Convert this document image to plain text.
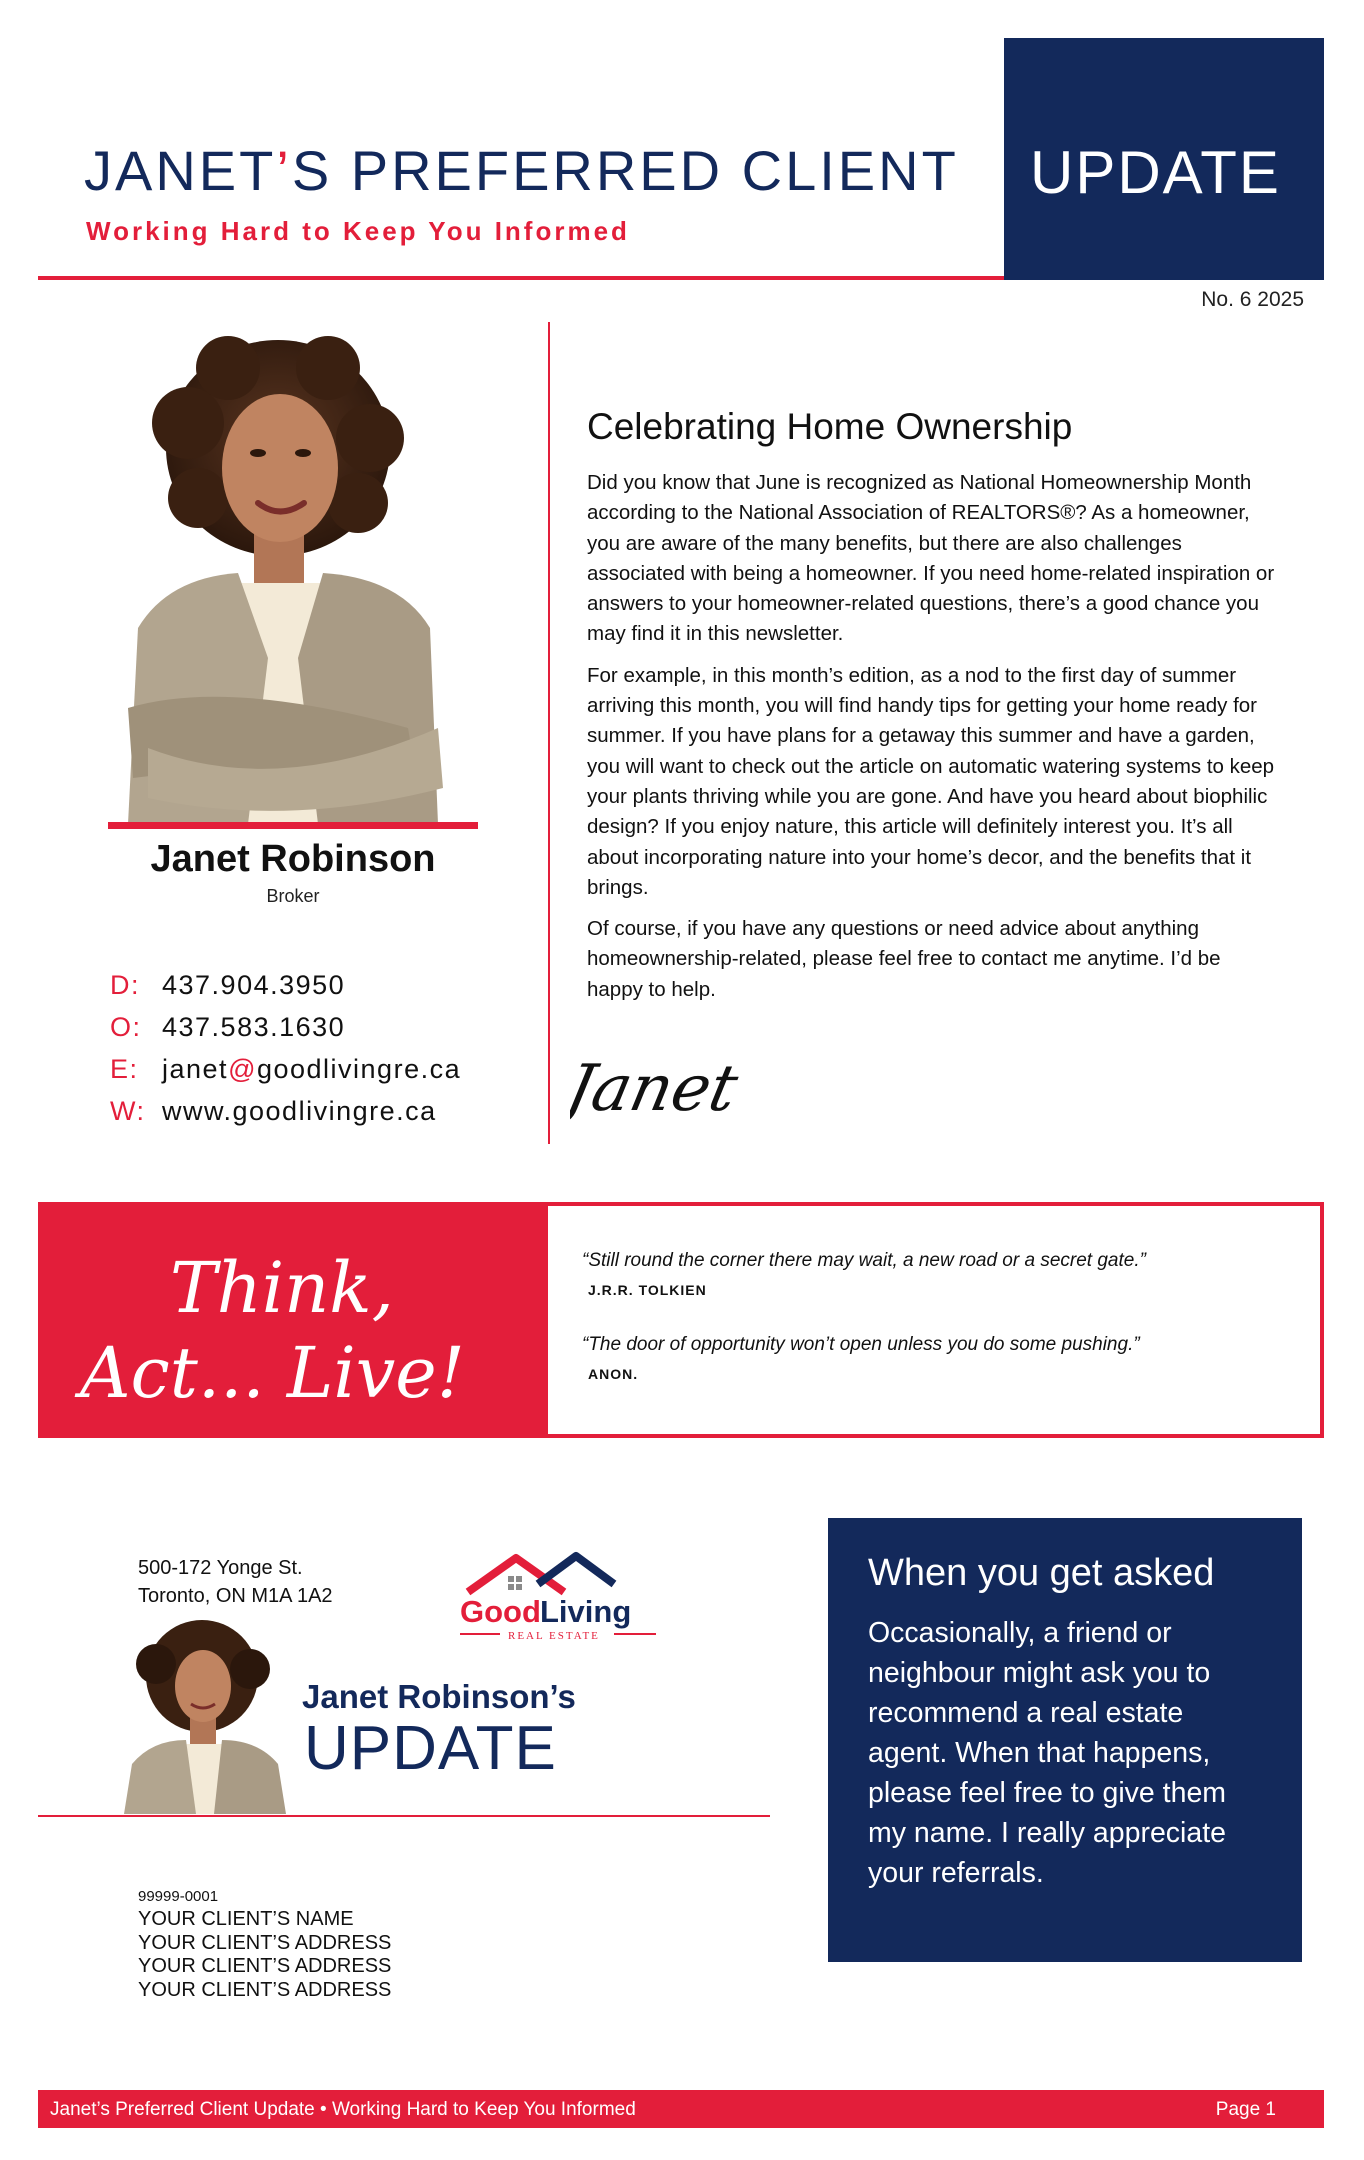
JANET’S PREFERRED CLIENT
Working Hard to Keep You Informed
UPDATE
No. 6 2025
Janet Robinson
Broker
D: 437.904.3950
O: 437.583.1630
E: janet@goodlivingre.ca
W: www.goodlivingre.ca
Celebrating Home Ownership

Did you know that June is recognized as National Homeownership Month according to the National Association of REALTORS®? As a homeowner, you are aware of the many benefits, but there are also challenges associated with being a homeowner. If you need home-related inspiration or answers to your homeowner-related questions, there’s a good chance you may find it in this newsletter.

For example, in this month’s edition, as a nod to the first day of summer arriving this month, you will find handy tips for getting your home ready for summer. If you have plans for a getaway this summer and have a garden, you will want to check out the article on automatic watering systems to keep your plants thriving while you are gone. And have you heard about biophilic design? If you enjoy nature, this article will definitely interest you. It’s all about incorporating nature into your home’s decor, and the benefits that it brings.

Of course, if you have any questions or need advice about anything homeownership-related, please feel free to contact me anytime. I’d be happy to help.

Janet
Think,
Act... Live!
“Still round the corner there may wait, a new road or a secret gate.”
J.R.R. TOLKIEN
“The door of opportunity won’t open unless you do some pushing.”
ANON.
500-172 Yonge St.
Toronto, ON M1A 1A2	Good Living
REAL ESTATE
Janet Robinson’s
UPDATE
99999-0001
YOUR CLIENT’S NAME
YOUR CLIENT’S ADDRESS
YOUR CLIENT’S ADDRESS
YOUR CLIENT’S ADDRESS
When you get asked
Occasionally, a friend or neighbour might ask you to recommend a real estate agent. When that happens, please feel free to give them my name. I really appreciate your referrals.
Janet’s Preferred Client Update • Working Hard to Keep You Informed	Page 1
